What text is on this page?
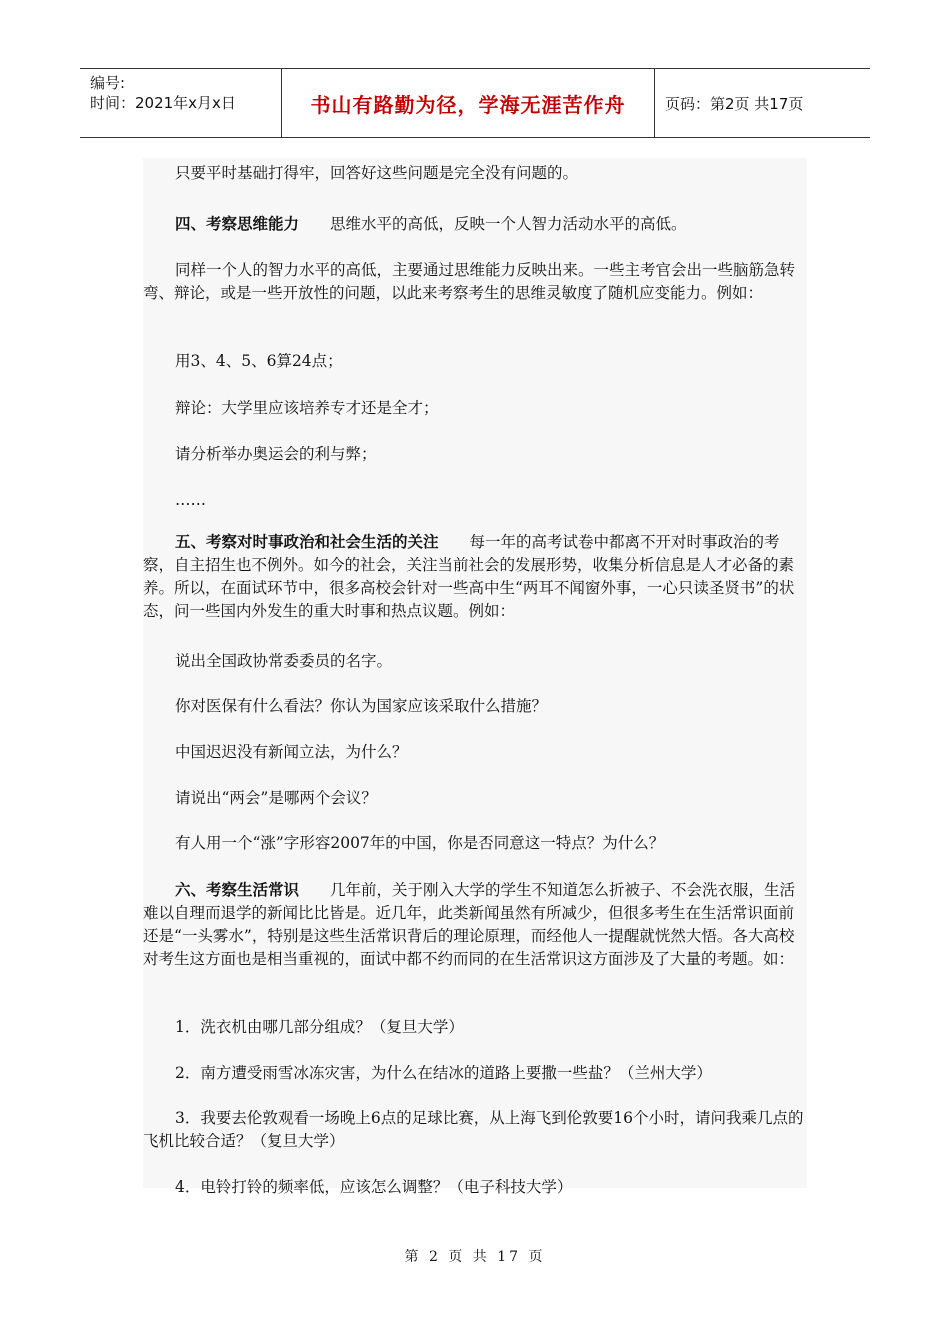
编号:
时间：2021年x月x日	书山有路勤为径，学海无涯苦作舟	页码：第2页 共17页

只要平时基础打得牢，回答好这些问题是完全没有问题的。

四、考察思维能力　　思维水平的高低，反映一个人智力活动水平的高低。

同样一个人的智力水平的高低，主要通过思维能力反映出来。一些主考官会出一些脑筋急转弯、辩论，或是一些开放性的问题，以此来考察考生的思维灵敏度了随机应变能力。例如：

用3、4、5、6算24点；

辩论：大学里应该培养专才还是全才；

请分析举办奥运会的利与弊；

……

五、考察对时事政治和社会生活的关注　　每一年的高考试卷中都离不开对时事政治的考察，自主招生也不例外。如今的社会，关注当前社会的发展形势，收集分析信息是人才必备的素养。所以，在面试环节中，很多高校会针对一些高中生“两耳不闻窗外事，一心只读圣贤书”的状态，问一些国内外发生的重大时事和热点议题。例如：

说出全国政协常委委员的名字。

你对医保有什么看法？你认为国家应该采取什么措施？

中国迟迟没有新闻立法，为什么？

请说出“两会”是哪两个会议？

有人用一个“涨”字形容2007年的中国，你是否同意这一特点？为什么？

六、考察生活常识　　几年前，关于刚入大学的学生不知道怎么折被子、不会洗衣服，生活难以自理而退学的新闻比比皆是。近几年，此类新闻虽然有所减少，但很多考生在生活常识面前还是“一头雾水”，特别是这些生活常识背后的理论原理，而经他人一提醒就恍然大悟。各大高校对考生这方面也是相当重视的，面试中都不约而同的在生活常识这方面涉及了大量的考题。如：

1．洗衣机由哪几部分组成？（复旦大学）

2．南方遭受雨雪冰冻灾害，为什么在结冰的道路上要撒一些盐？（兰州大学）

3．我要去伦敦观看一场晚上6点的足球比赛，从上海飞到伦敦要16个小时，请问我乘几点的飞机比较合适？（复旦大学）

4．电铃打铃的频率低，应该怎么调整？（电子科技大学）

第 2 页 共 17 页
